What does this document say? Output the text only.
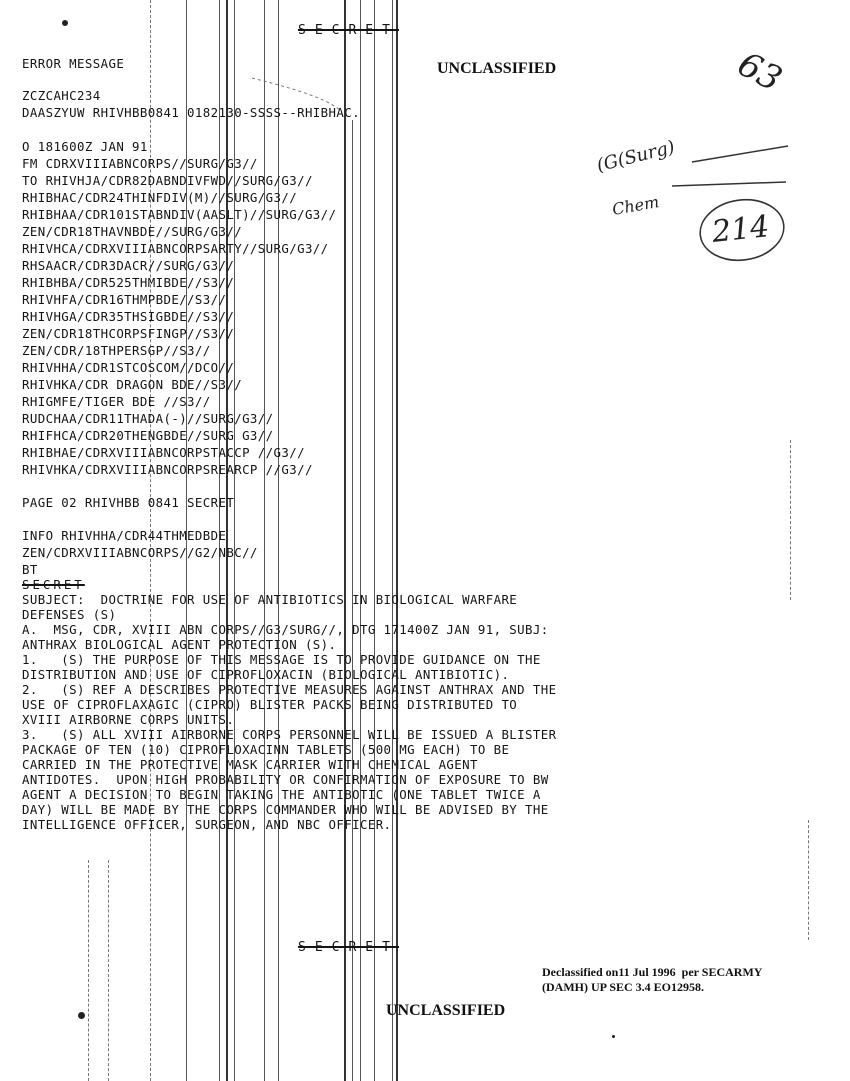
SECRET
ERROR MESSAGE	UNCLASSIFIED	63
(G(Surg)
Chem
214
ZCZCAHC234
DAASZYUW RHIVHBB0841 0182130-SSSS--RHIBHAC.
O 181600Z JAN 91
FM CDRXVIIIABNCORPS//SURG/G3//
TO RHIVHJA/CDR82DABNDIVFWD//SURG/G3//
RHIBHAC/CDR24THINFDIV(M)//SURG/G3//
RHIBHAA/CDR101STABNDIV(AASLT)//SURG/G3//
ZEN/CDR18THAVNBDE//SURG/G3//
RHIVHCA/CDRXVIIIABNCORPSARTY//SURG/G3//
RHSAACR/CDR3DACR//SURG/G3//
RHIBHBA/CDR525THMIBDE//S3//
RHIVHFA/CDR16THMPBDE//S3//
RHIVHGA/CDR35THSIGBDE//S3//
ZEN/CDR18THCORPSFINGP//S3//
ZEN/CDR/18THPERSGP//S3//
RHIVHHA/CDR1STCOSCOM//DCO//
RHIVHKA/CDR DRAGON BDE//S3//
RHIGMFE/TIGER BDE //S3//
RUDCHAA/CDR11THADA(-)//SURG/G3//
RHIFHCA/CDR20THENGBDE//SURG G3//
RHIBHAE/CDRXVIIIABNCORPSTACCP //G3//
RHIVHKA/CDRXVIIIABNCORPSREARCP //G3//
PAGE 02 RHIVHBB 0841 SECRET
INFO RHIVHHA/CDR44THMEDBDE
ZEN/CDRXVIIIABNCORPS//G2/NBC//
BT
SECRET
SUBJECT:  DOCTRINE FOR USE OF ANTIBIOTICS IN BIOLOGICAL WARFARE
DEFENSES (S)
A.  MSG, CDR, XVIII ABN CORPS//G3/SURG//, DTG 171400Z JAN 91, SUBJ:
ANTHRAX BIOLOGICAL AGENT PROTECTION (S).
1.   (S) THE PURPOSE OF THIS MESSAGE IS TO PROVIDE GUIDANCE ON THE
DISTRIBUTION AND USE OF CIPROFLOXACIN (BIOLOGICAL ANTIBIOTIC).
2.   (S) REF A DESCRIBES PROTECTIVE MEASURES AGAINST ANTHRAX AND THE
USE OF CIPROFLAXAGIC (CIPRO) BLISTER PACKS BEING DISTRIBUTED TO
XVIII AIRBORNE CORPS UNITS.
3.   (S) ALL XVIII AIRBORNE CORPS PERSONNEL WILL BE ISSUED A BLISTER
PACKAGE OF TEN (10) CIPROFLOXACINN TABLETS (500 MG EACH) TO BE
CARRIED IN THE PROTECTIVE MASK CARRIER WITH CHEMICAL AGENT
ANTIDOTES.  UPON HIGH PROBABILITY OR CONFIRMATION OF EXPOSURE TO BW
AGENT A DECISION TO BEGIN TAKING THE ANTIBOTIC (ONE TABLET TWICE A
DAY) WILL BE MADE BY THE CORPS COMMANDER WHO WILL BE ADVISED BY THE
INTELLIGENCE OFFICER, SURGEON, AND NBC OFFICER.
SECRET
Declassified on11 Jul 1996  per SECARMY
(DAMH) UP SEC 3.4 EO12958.
UNCLASSIFIED
